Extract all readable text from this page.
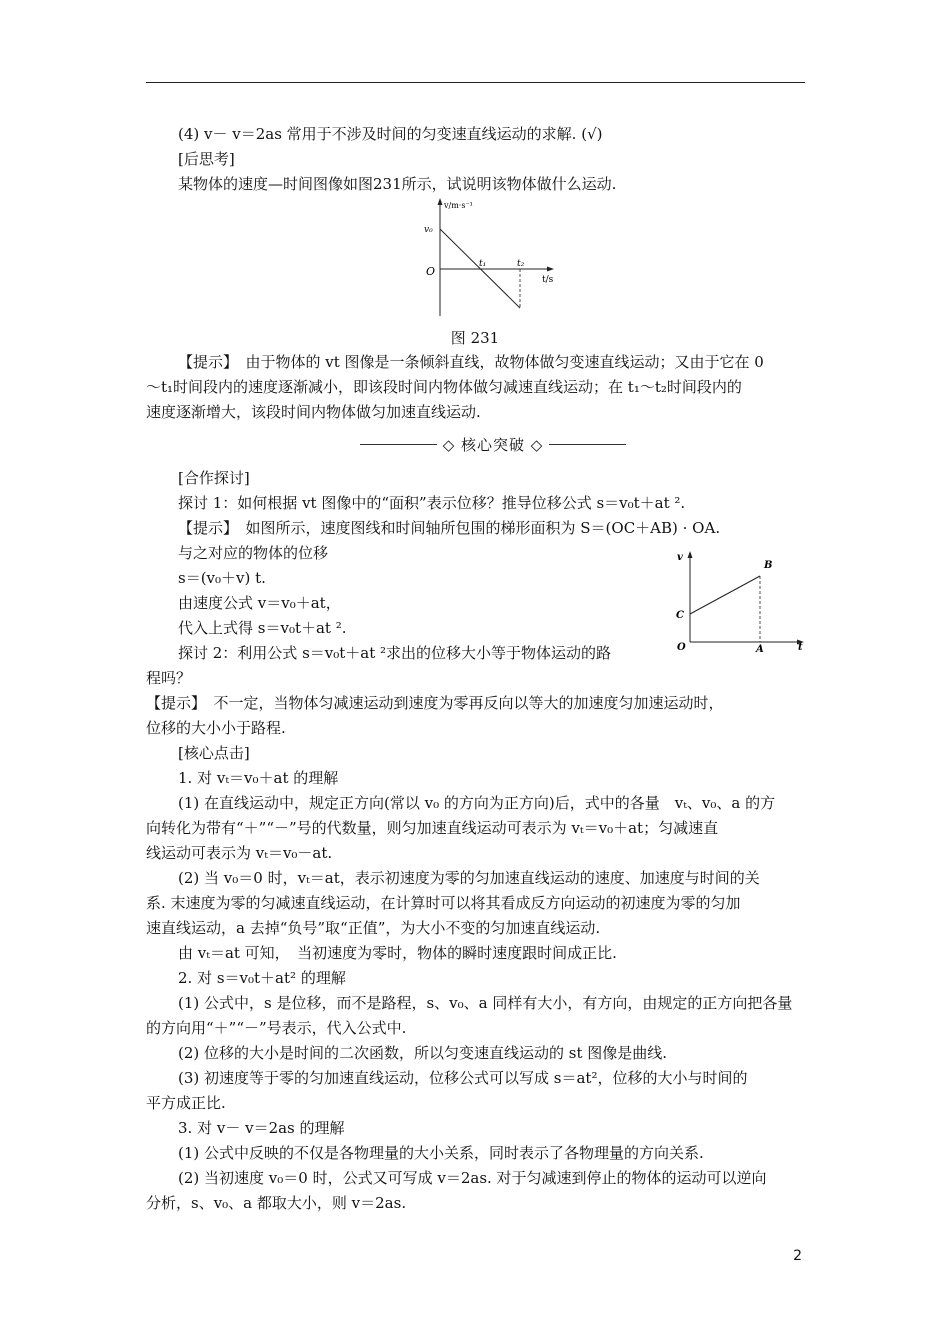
(4) v－ v＝2as 常用于不涉及时间的匀变速直线运动的求解. (√)
[后思考]
某物体的速度—时间图像如图231所示，试说明该物体做什么运动.
v/m·s⁻¹
v₀
O
t₁	t₂
t/s
图 231
【提示】　由于物体的 vt 图像是一条倾斜直线，故物体做匀变速直线运动；又由于它在 0
～t₁时间段内的速度逐渐减小，即该段时间内物体做匀减速直线运动；在 t₁～t₂时间段内的
速度逐渐增大，该段时间内物体做匀加速直线运动.
◇ 核心突破 ◇
[合作探讨]
探讨 1：如何根据 vt 图像中的“面积”表示位移？推导位移公式 s＝v₀t＋at ².
【提示】　如图所示，速度图线和时间轴所包围的梯形面积为 S＝(OC＋AB) · OA.
与之对应的物体的位移
s＝(v₀＋v) t.
由速度公式 v＝v₀＋at，
代入上式得 s＝v₀t＋at ².
探讨 2：利用公式 s＝v₀t＋at ²求出的位移大小等于物体运动的路
程吗？
v
B
C
O	A	t
【提示】　不一定，当物体匀减速运动到速度为零再反向以等大的加速度匀加速运动时，
位移的大小小于路程.
[核心点击]
1. 对 vₜ＝v₀＋at 的理解
(1) 在直线运动中，规定正方向(常以 v₀ 的方向为正方向)后，式中的各量　vₜ、v₀、a 的方
向转化为带有“＋”“－”号的代数量，则匀加速直线运动可表示为 vₜ＝v₀＋at；匀减速直
线运动可表示为 vₜ＝v₀－at.
(2) 当 v₀＝0 时，vₜ＝at，表示初速度为零的匀加速直线运动的速度、加速度与时间的关
系. 末速度为零的匀减速直线运动，在计算时可以将其看成反方向运动的初速度为零的匀加
速直线运动，a 去掉“负号”取“正值”，为大小不变的匀加速直线运动.
由 vₜ＝at 可知，　当初速度为零时，物体的瞬时速度跟时间成正比.
2. 对 s＝v₀t＋at² 的理解
(1) 公式中，s 是位移，而不是路程，s、v₀、a 同样有大小，有方向，由规定的正方向把各量
的方向用“＋”“－”号表示，代入公式中.
(2) 位移的大小是时间的二次函数，所以匀变速直线运动的 st 图像是曲线.
(3) 初速度等于零的匀加速直线运动，位移公式可以写成 s＝at²，位移的大小与时间的
平方成正比.
3. 对 v－ v＝2as 的理解
(1) 公式中反映的不仅是各物理量的大小关系，同时表示了各物理量的方向关系.
(2) 当初速度 v₀＝0 时，公式又可写成 v＝2as. 对于匀减速到停止的物体的运动可以逆向
分析，s、v₀、a 都取大小，则 v＝2as.
2
